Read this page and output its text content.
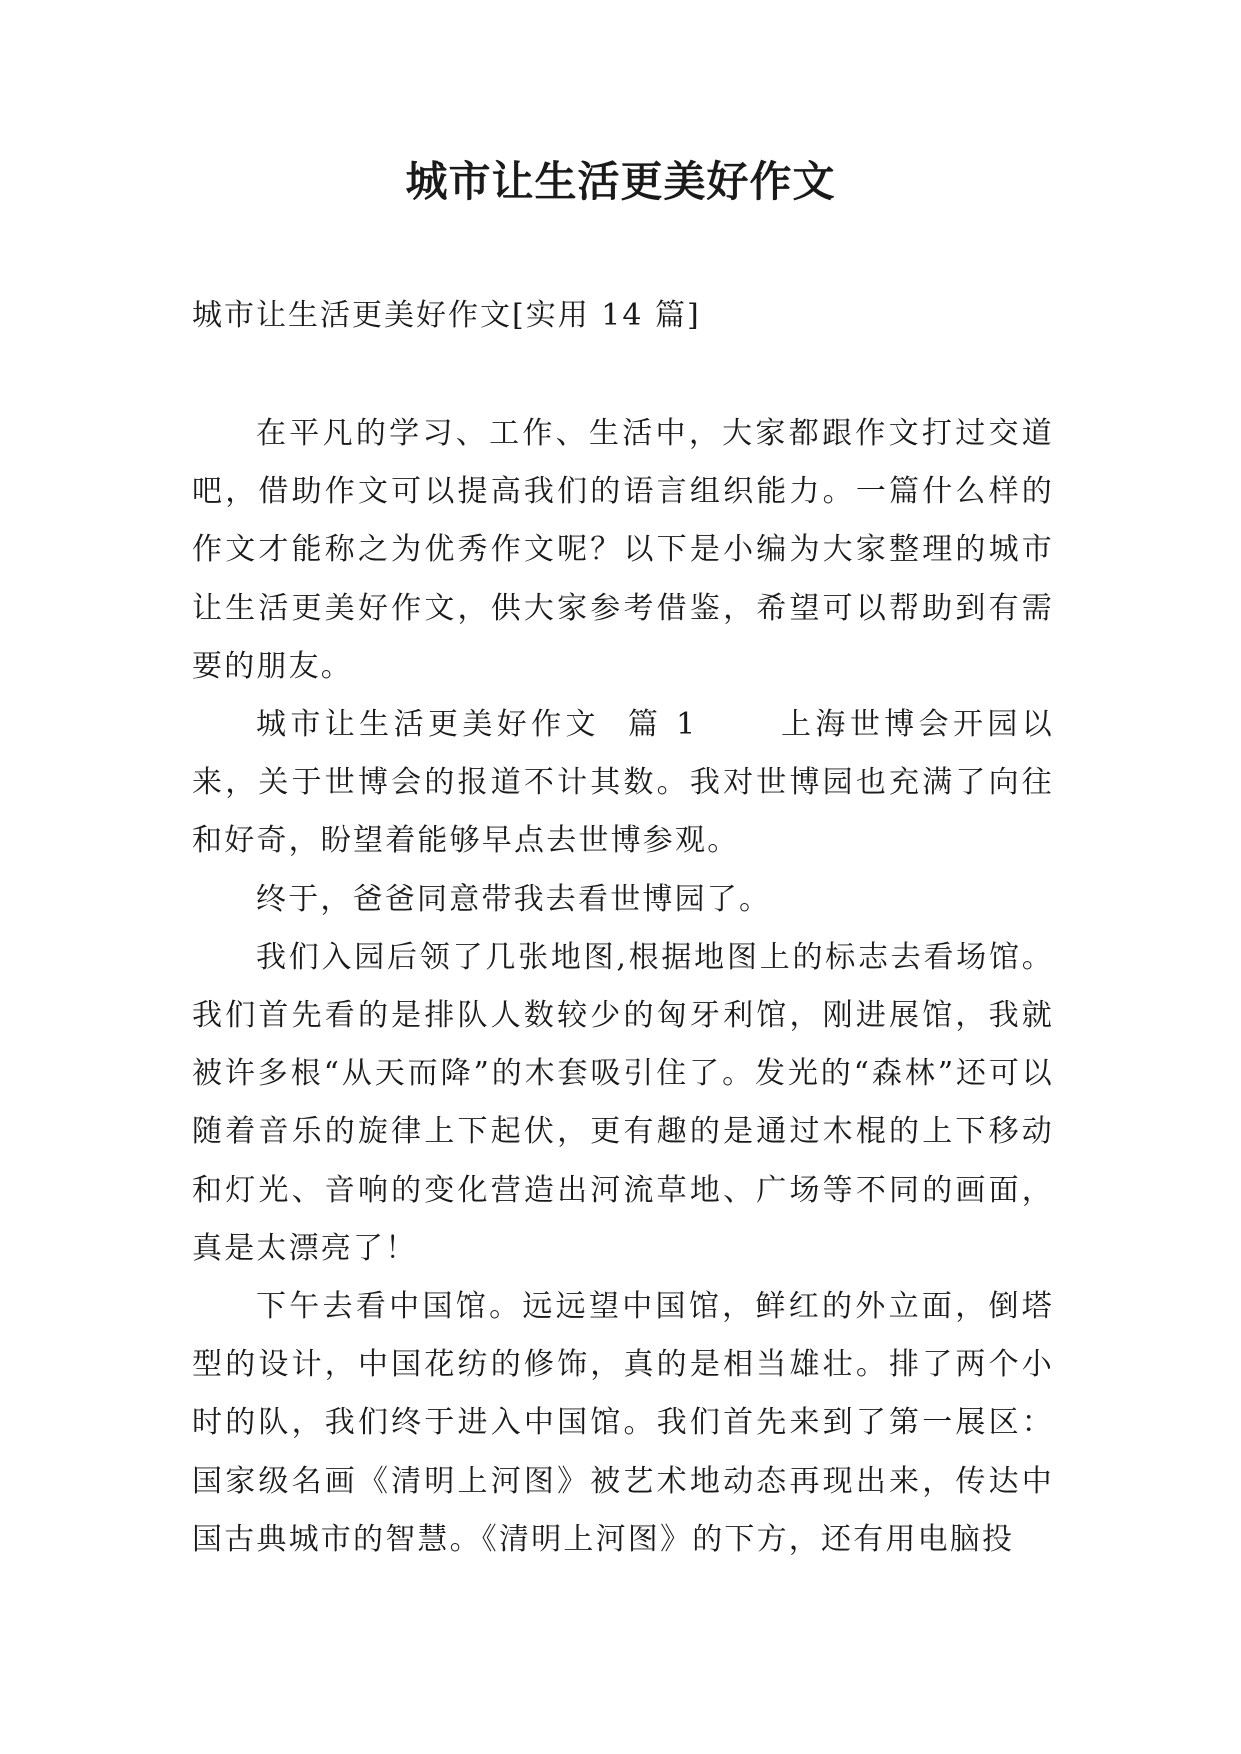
城市让生活更美好作文

城市让生活更美好作文[实用 14 篇]

在平凡的学习、工作、生活中，大家都跟作文打过交道吧，借助作文可以提高我们的语言组织能力。一篇什么样的作文才能称之为优秀作文呢？以下是小编为大家整理的城市让生活更美好作文，供大家参考借鉴，希望可以帮助到有需要的朋友。

城市让生活更美好作文  篇 1      上海世博会开园以来，关于世博会的报道不计其数。我对世博园也充满了向往和好奇，盼望着能够早点去世博参观。

终于，爸爸同意带我去看世博园了。

我们入园后领了几张地图,根据地图上的标志去看场馆。我们首先看的是排队人数较少的匈牙利馆，刚进展馆，我就被许多根“从天而降”的木套吸引住了。发光的“森林”还可以随着音乐的旋律上下起伏，更有趣的是通过木棍的上下移动和灯光、音响的变化营造出河流草地、广场等不同的画面，真是太漂亮了！

下午去看中国馆。远远望中国馆，鲜红的外立面，倒塔型的设计，中国花纺的修饰，真的是相当雄壮。排了两个小时的队，我们终于进入中国馆。我们首先来到了第一展区：国家级名画《清明上河图》被艺术地动态再现出来，传达中国古典城市的智慧。《清明上河图》的下方，还有用电脑投
